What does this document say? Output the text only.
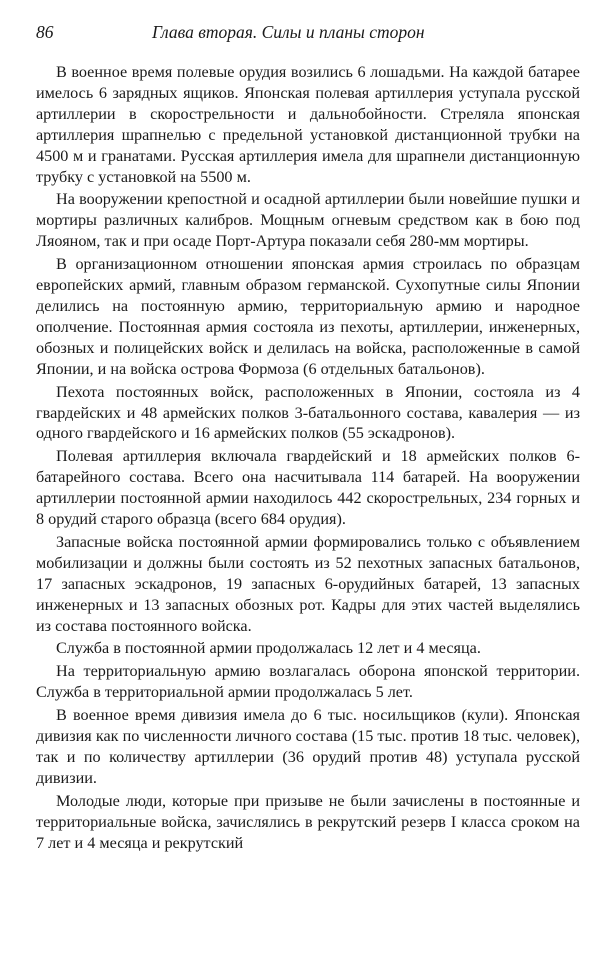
86	Глава вторая. Силы и планы сторон

В военное время полевые орудия возились 6 лошадьми. На каждой батарее имелось 6 зарядных ящиков. Японская полевая артиллерия уступала русской артиллерии в скорострельности и дальнобойности. Стреляла японская артиллерия шрапнелью с предельной установкой дистанционной трубки на 4500 м и гранатами. Русская артиллерия имела для шрапнели дистанционную трубку с установкой на 5500 м.

На вооружении крепостной и осадной артиллерии были новейшие пушки и мортиры различных калибров. Мощным огневым средством как в бою под Ляояном, так и при осаде Порт-Артура показали себя 280-мм мортиры.

В организационном отношении японская армия строилась по образцам европейских армий, главным образом германской. Сухопутные силы Японии делились на постоянную армию, территориальную армию и народное ополчение. Постоянная армия состояла из пехоты, артиллерии, инженерных, обозных и полицейских войск и делилась на войска, расположенные в самой Японии, и на войска острова Формоза (6 отдельных батальонов).

Пехота постоянных войск, расположенных в Японии, состояла из 4 гвардейских и 48 армейских полков 3-батальонного состава, кавалерия — из одного гвардейского и 16 армейских полков (55 эскадронов).

Полевая артиллерия включала гвардейский и 18 армейских полков 6-батарейного состава. Всего она насчитывала 114 батарей. На вооружении артиллерии постоянной армии находилось 442 скорострельных, 234 горных и 8 орудий старого образца (всего 684 орудия).

Запасные войска постоянной армии формировались только с объявлением мобилизации и должны были состоять из 52 пехотных запасных батальонов, 17 запасных эскадронов, 19 запасных 6-орудийных батарей, 13 запасных инженерных и 13 запасных обозных рот. Кадры для этих частей выделялись из состава постоянного войска.

Служба в постоянной армии продолжалась 12 лет и 4 месяца.

На территориальную армию возлагалась оборона японской территории. Служба в территориальной армии продолжалась 5 лет.

В военное время дивизия имела до 6 тыс. носильщиков (кули). Японская дивизия как по численности личного состава (15 тыс. против 18 тыс. человек), так и по количеству артиллерии (36 орудий против 48) уступала русской дивизии.

Молодые люди, которые при призыве не были зачислены в постоянные и территориальные войска, зачислялись в рекрутский резерв I класса сроком на 7 лет и 4 месяца и рекрутский
